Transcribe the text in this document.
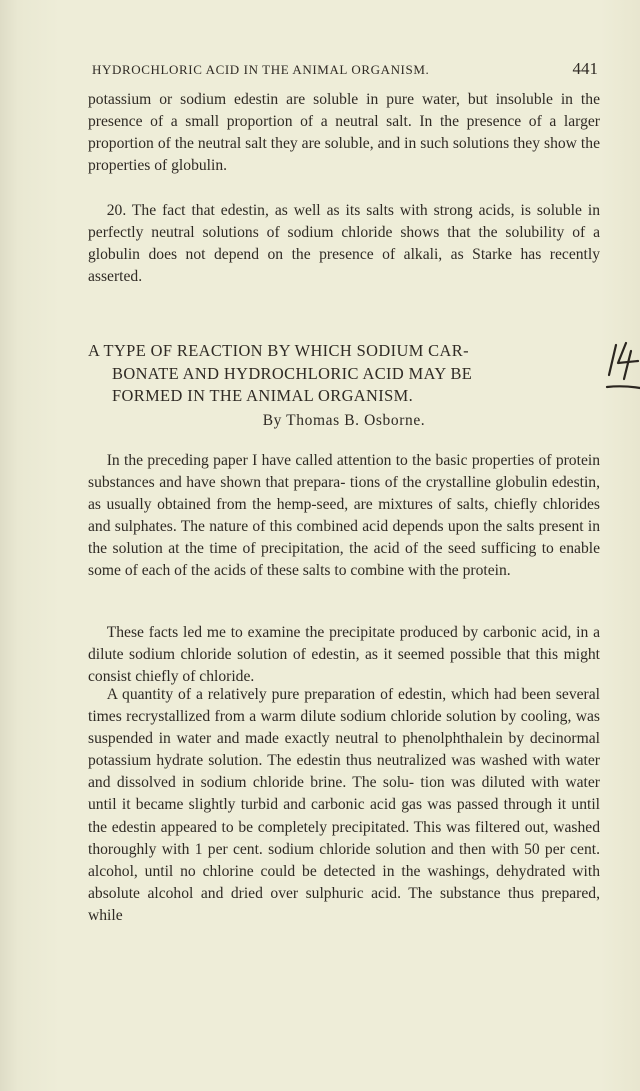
HYDROCHLORIC ACID IN THE ANIMAL ORGANISM.	441

potassium or sodium edestin are soluble in pure water, but insoluble in the presence of a small proportion of a neutral salt. In the presence of a larger proportion of the neutral salt they are soluble, and in such solutions they show the properties of globulin.

20. The fact that edestin, as well as its salts with strong acids, is soluble in perfectly neutral solutions of sodium chloride shows that the solubility of a globulin does not depend on the presence of alkali, as Starke has recently asserted.

A TYPE OF REACTION BY WHICH SODIUM CAR-
BONATE AND HYDROCHLORIC ACID MAY BE
FORMED IN THE ANIMAL ORGANISM.
By Thomas B. Osborne.

In the preceding paper I have called attention to the basic properties of protein substances and have shown that prepara- tions of the crystalline globulin edestin, as usually obtained from the hemp-seed, are mixtures of salts, chiefly chlorides and sulphates. The nature of this combined acid depends upon the salts present in the solution at the time of precipitation, the acid of the seed sufficing to enable some of each of the acids of these salts to combine with the protein.

These facts led me to examine the precipitate produced by carbonic acid, in a dilute sodium chloride solution of edestin, as it seemed possible that this might consist chiefly of chloride.

A quantity of a relatively pure preparation of edestin, which had been several times recrystallized from a warm dilute sodium chloride solution by cooling, was suspended in water and made exactly neutral to phenolphthalein by decinormal potassium hydrate solution. The edestin thus neutralized was washed with water and dissolved in sodium chloride brine. The solu- tion was diluted with water until it became slightly turbid and carbonic acid gas was passed through it until the edestin appeared to be completely precipitated. This was filtered out, washed thoroughly with 1 per cent. sodium chloride solution and then with 50 per cent. alcohol, until no chlorine could be detected in the washings, dehydrated with absolute alcohol and dried over sulphuric acid. The substance thus prepared, while
